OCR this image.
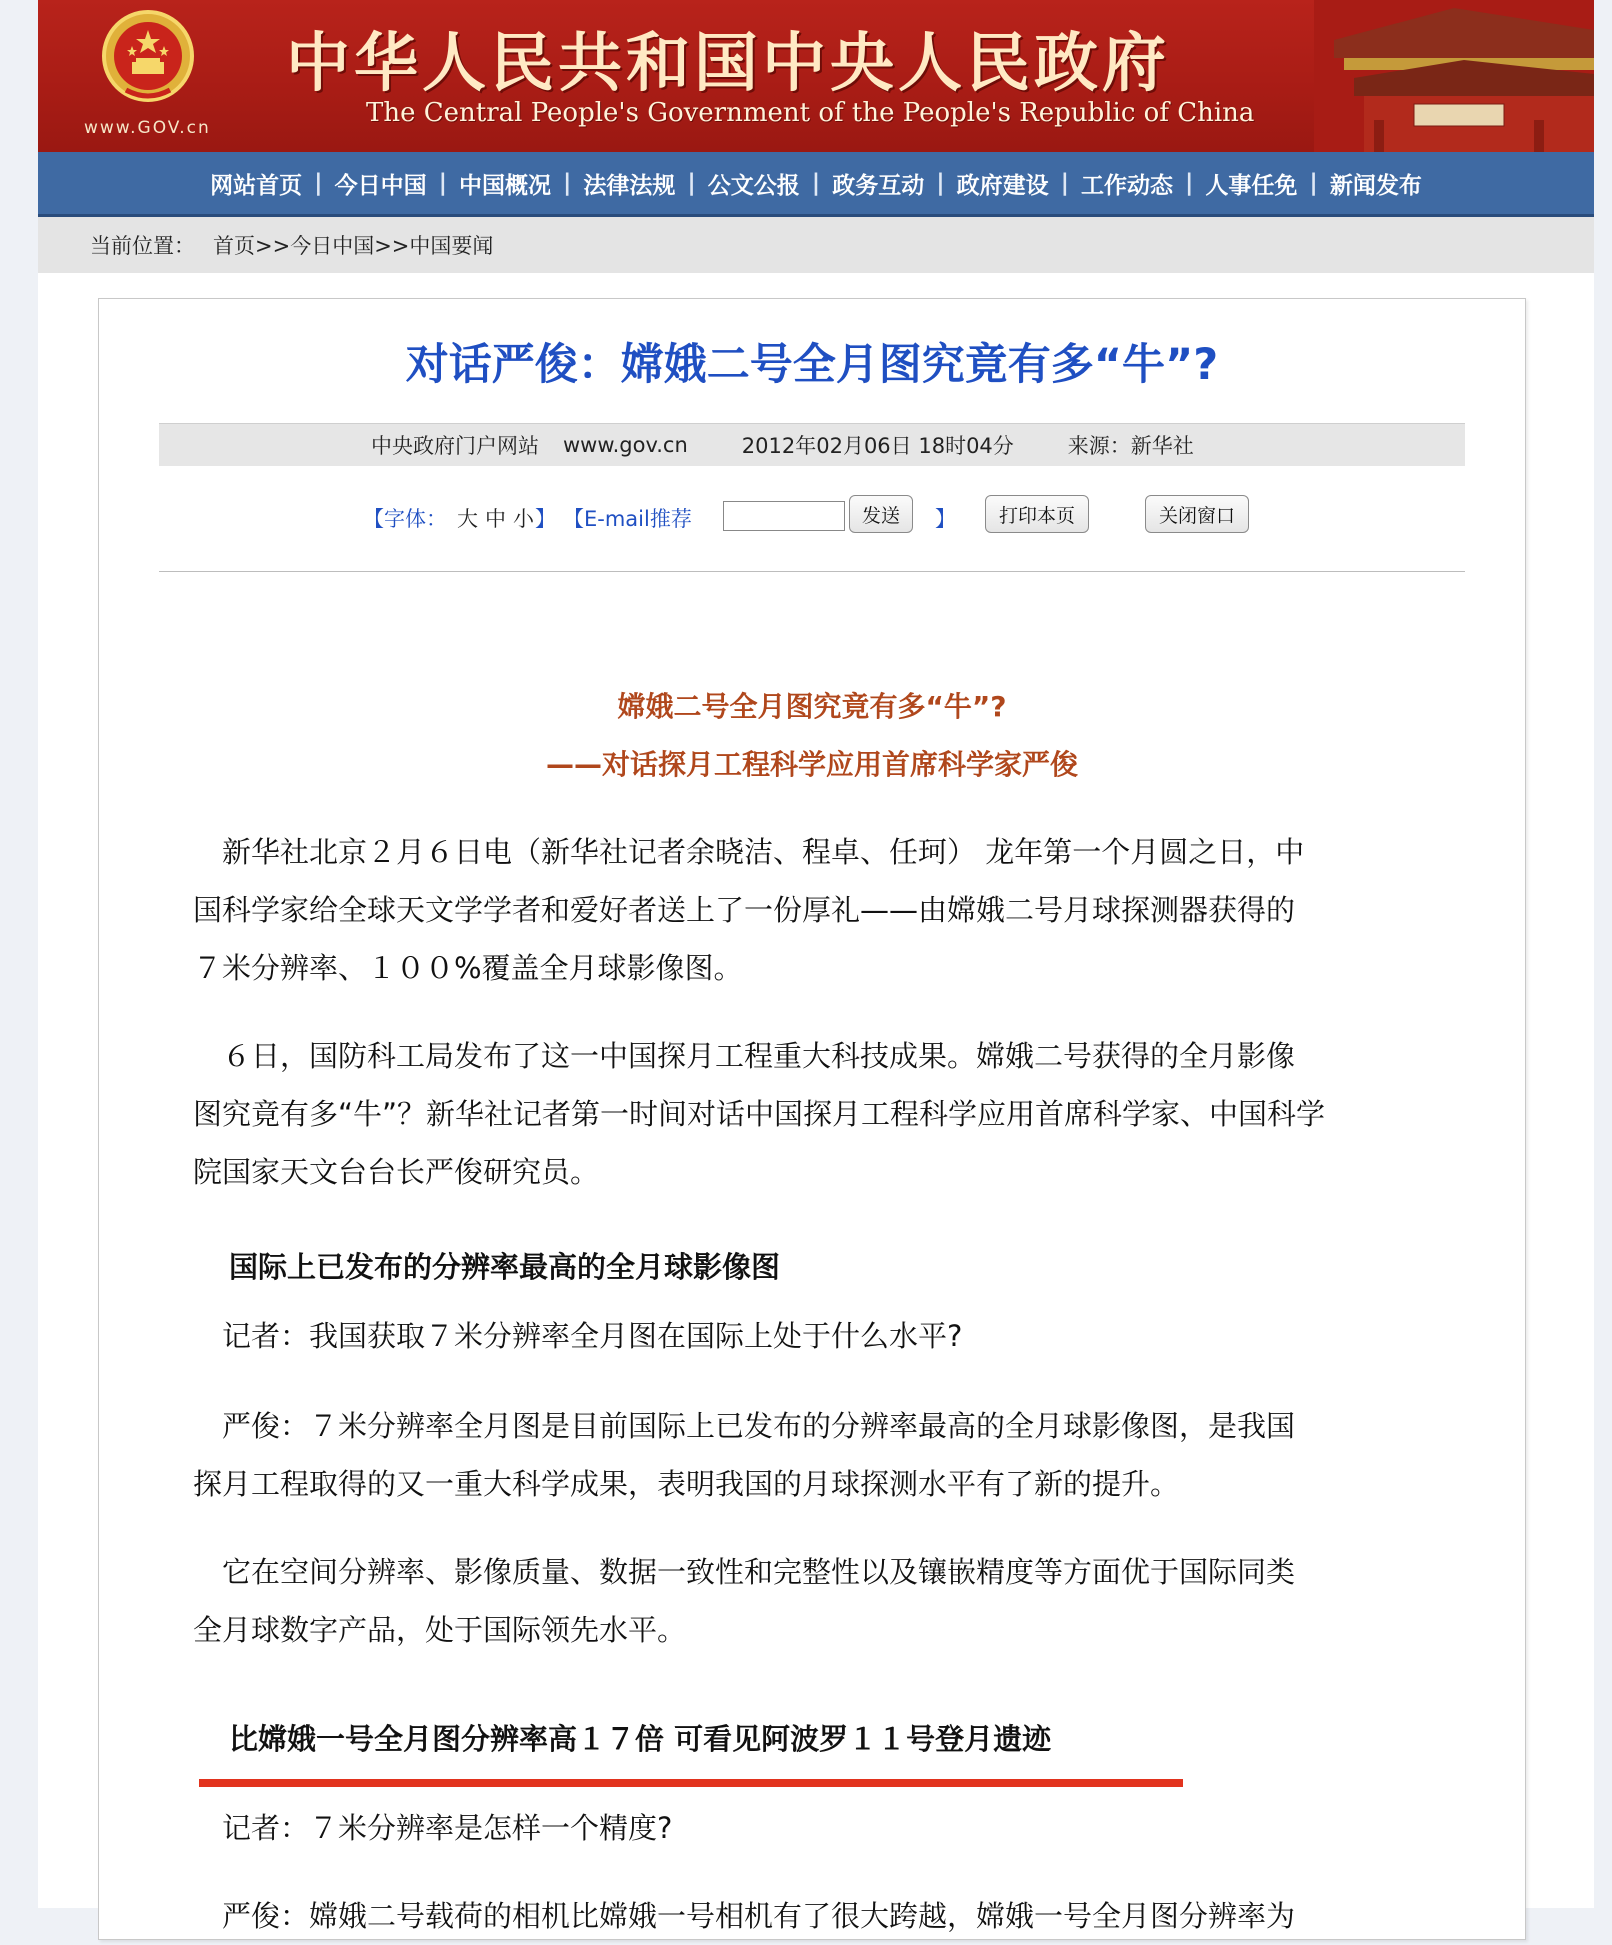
www.GOV.cn
中华人民共和国中央人民政府
The Central People's Government of the People's Republic of China
网站首页 | 今日中国 | 中国概况 | 法律法规 | 公文公报 | 政务互动 | 政府建设 | 工作动态 | 人事任免 | 新闻发布
当前位置： 首页>> 今日中国>> 中国要闻
对话严俊：嫦娥二号全月图究竟有多“牛”?
中央政府门户网站 www.gov.cn	2012年02月06日 18时04分	来源：新华社
【字体： 大 中 小 】 【E-mail推荐	发送	】	打印本页	关闭窗口
嫦娥二号全月图究竟有多“牛”?
——对话探月工程科学应用首席科学家严俊
　新华社北京２月６日电（新华社记者余晓洁、程卓、任珂） 龙年第一个月圆之日，中
国科学家给全球天文学学者和爱好者送上了一份厚礼——由嫦娥二号月球探测器获得的
７米分辨率、１００%覆盖全月球影像图。
　６日，国防科工局发布了这一中国探月工程重大科技成果。嫦娥二号获得的全月影像
图究竟有多“牛”？新华社记者第一时间对话中国探月工程科学应用首席科学家、中国科学
院国家天文台台长严俊研究员。
国际上已发布的分辨率最高的全月球影像图
　记者：我国获取７米分辨率全月图在国际上处于什么水平?
　严俊：７米分辨率全月图是目前国际上已发布的分辨率最高的全月球影像图，是我国
探月工程取得的又一重大科学成果，表明我国的月球探测水平有了新的提升。
　它在空间分辨率、影像质量、数据一致性和完整性以及镶嵌精度等方面优于国际同类
全月球数字产品，处于国际领先水平。
比嫦娥一号全月图分辨率高１７倍 可看见阿波罗１１号登月遗迹
　记者：７米分辨率是怎样一个精度?
　严俊：嫦娥二号载荷的相机比嫦娥一号相机有了很大跨越，嫦娥一号全月图分辨率为
